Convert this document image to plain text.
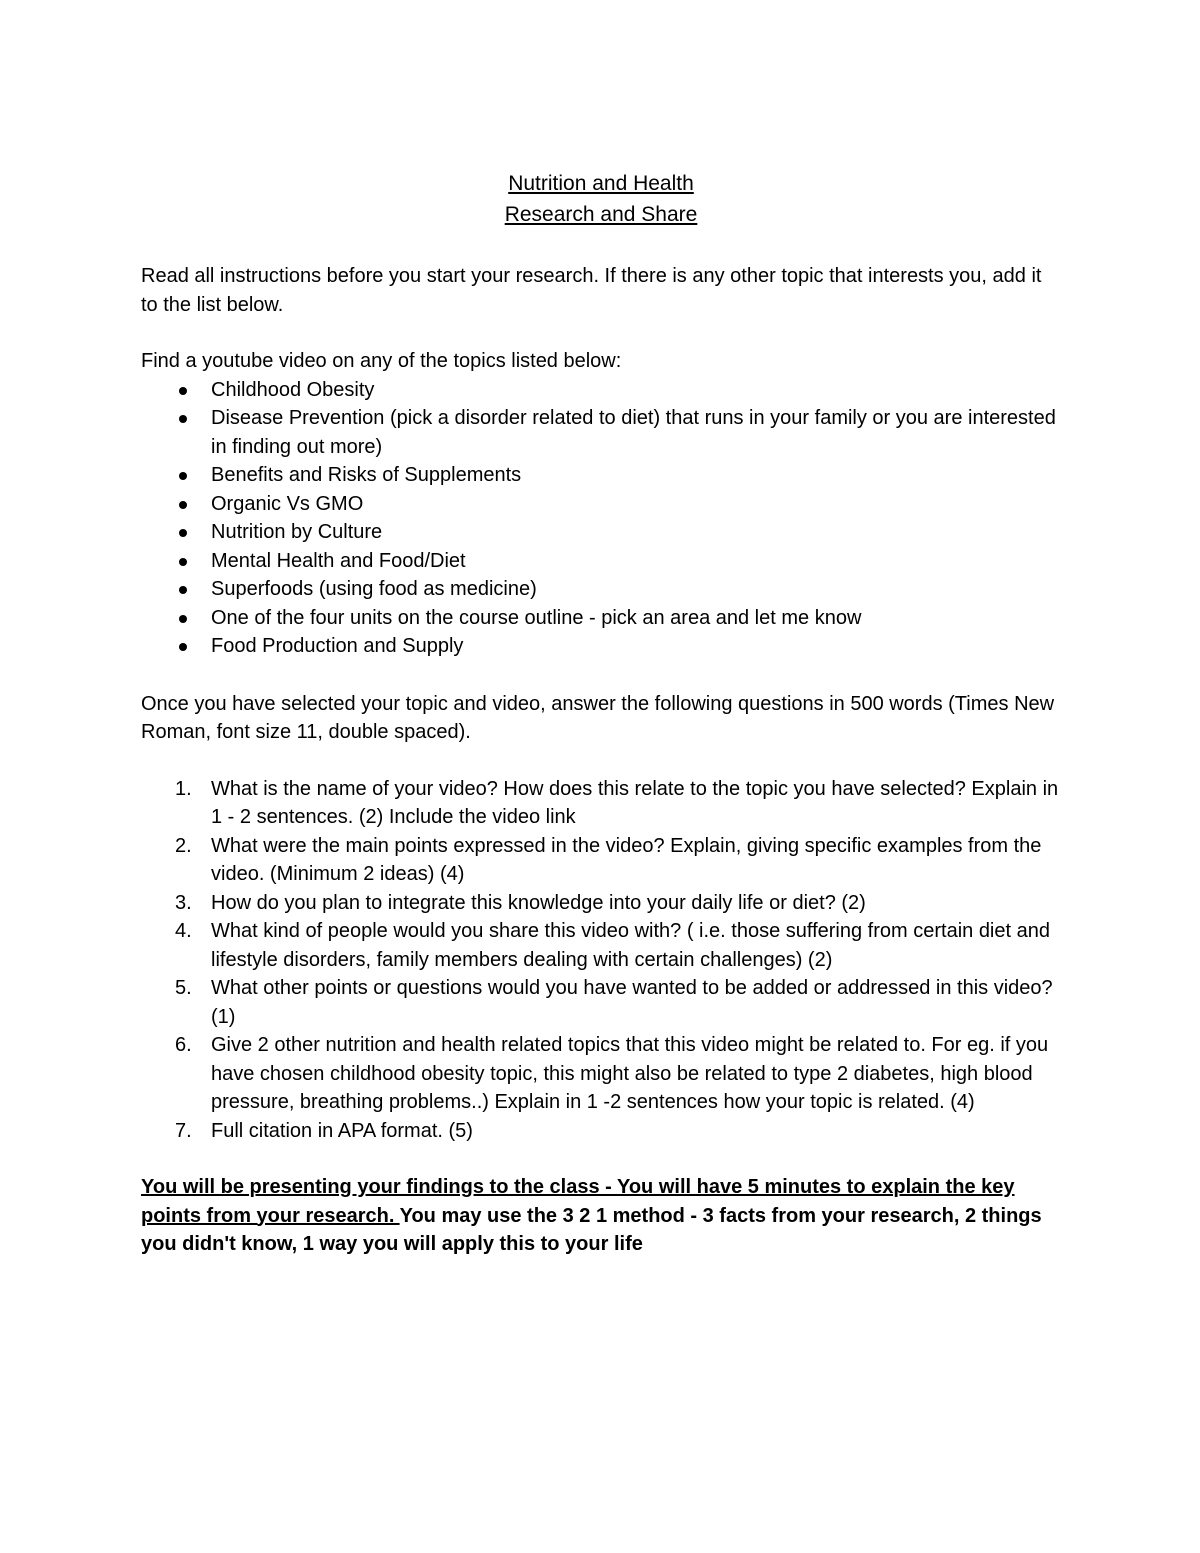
Nutrition and Health
Research and Share

Read all instructions before you start your research. If there is any other topic that interests you, add it to the list below.

Find a youtube video on any of the topics listed below:

Childhood Obesity
Disease Prevention (pick a disorder related to diet) that runs in your family or you are interested in finding out more)
Benefits and Risks of Supplements
Organic Vs GMO
Nutrition by Culture
Mental Health and Food/Diet
Superfoods (using food as medicine)
One of the four units on the course outline - pick an area and let me know
Food Production and Supply

Once you have selected your topic and video, answer the following questions in 500 words (Times New Roman, font size 11, double spaced).

1. What is the name of your video? How does this relate to the topic you have selected? Explain in 1 - 2 sentences. (2) Include the video link
2. What were the main points expressed in the video? Explain, giving specific examples from the video. (Minimum 2 ideas) (4)
3. How do you plan to integrate this knowledge into your daily life or diet? (2)
4. What kind of people would you share this video with? ( i.e. those suffering from certain diet and lifestyle disorders, family members dealing with certain challenges) (2)
5. What other points or questions would you have wanted to be added or addressed in this video? (1)
6. Give 2 other nutrition and health related topics that this video might be related to. For eg. if you have chosen childhood obesity topic, this might also be related to type 2 diabetes, high blood pressure, breathing problems..) Explain in 1 -2 sentences how your topic is related. (4)
7. Full citation in APA format. (5)

You will be presenting your findings to the class - You will have 5 minutes to explain the key points from your research. You may use the 3 2 1 method - 3 facts from your research, 2 things you didn't know, 1 way you will apply this to your life
